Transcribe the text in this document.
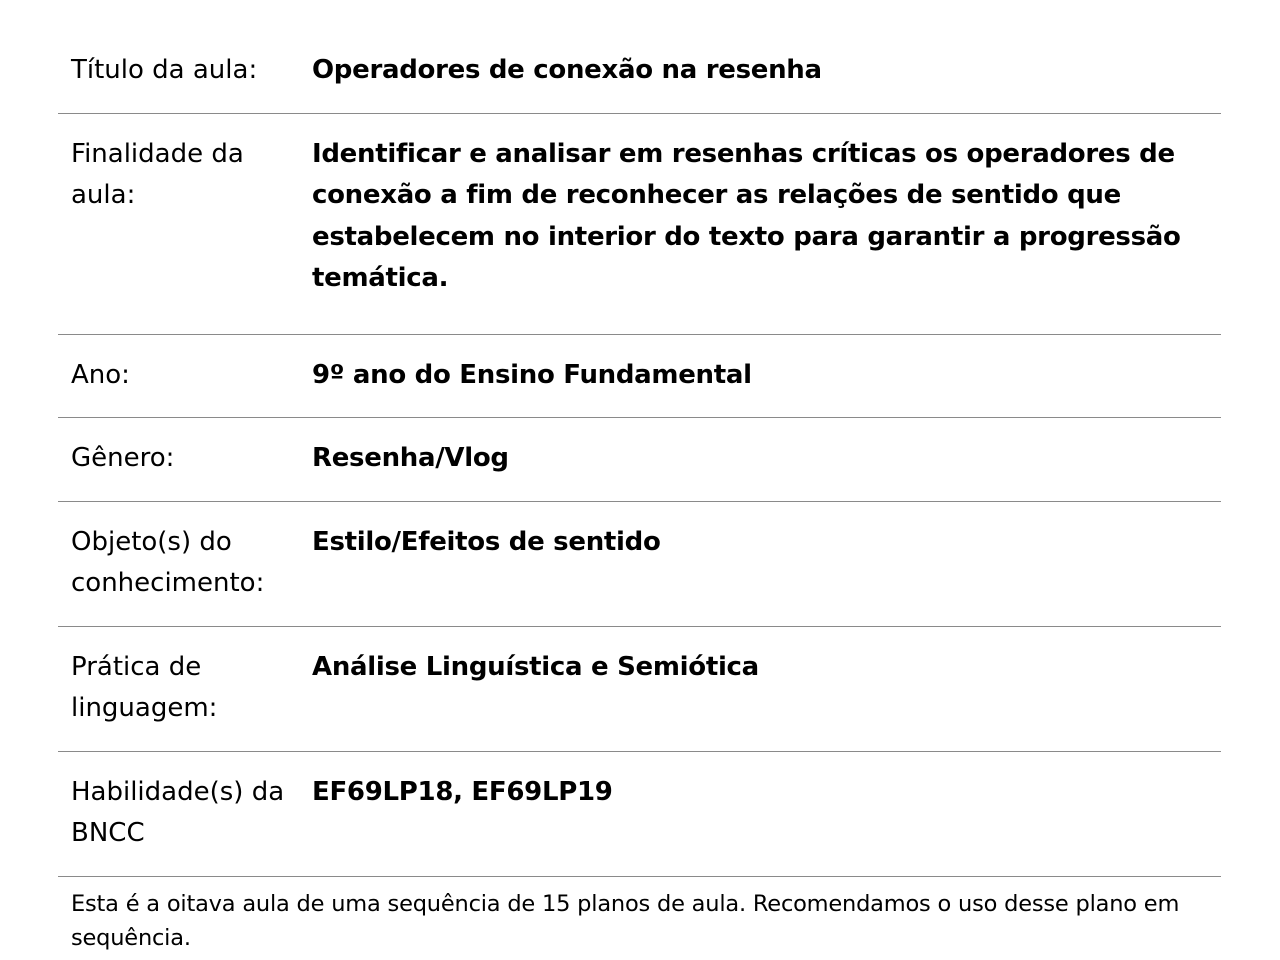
Título da aula:	Operadores de conexão na resenha
Finalidade da aula:	Identificar e analisar em resenhas críticas os operadores de conexão a fim de reconhecer as relações de sentido que estabelecem no interior do texto para garantir a progressão temática.
Ano:	9º ano do Ensino Fundamental
Gênero:	Resenha/Vlog
Objeto(s) do conhecimento:	Estilo/Efeitos de sentido
Prática de linguagem:	Análise Linguística e Semiótica
Habilidade(s) da BNCC	EF69LP18, EF69LP19
Esta é a oitava aula de uma sequência de 15 planos de aula. Recomendamos o uso desse plano em sequência.
